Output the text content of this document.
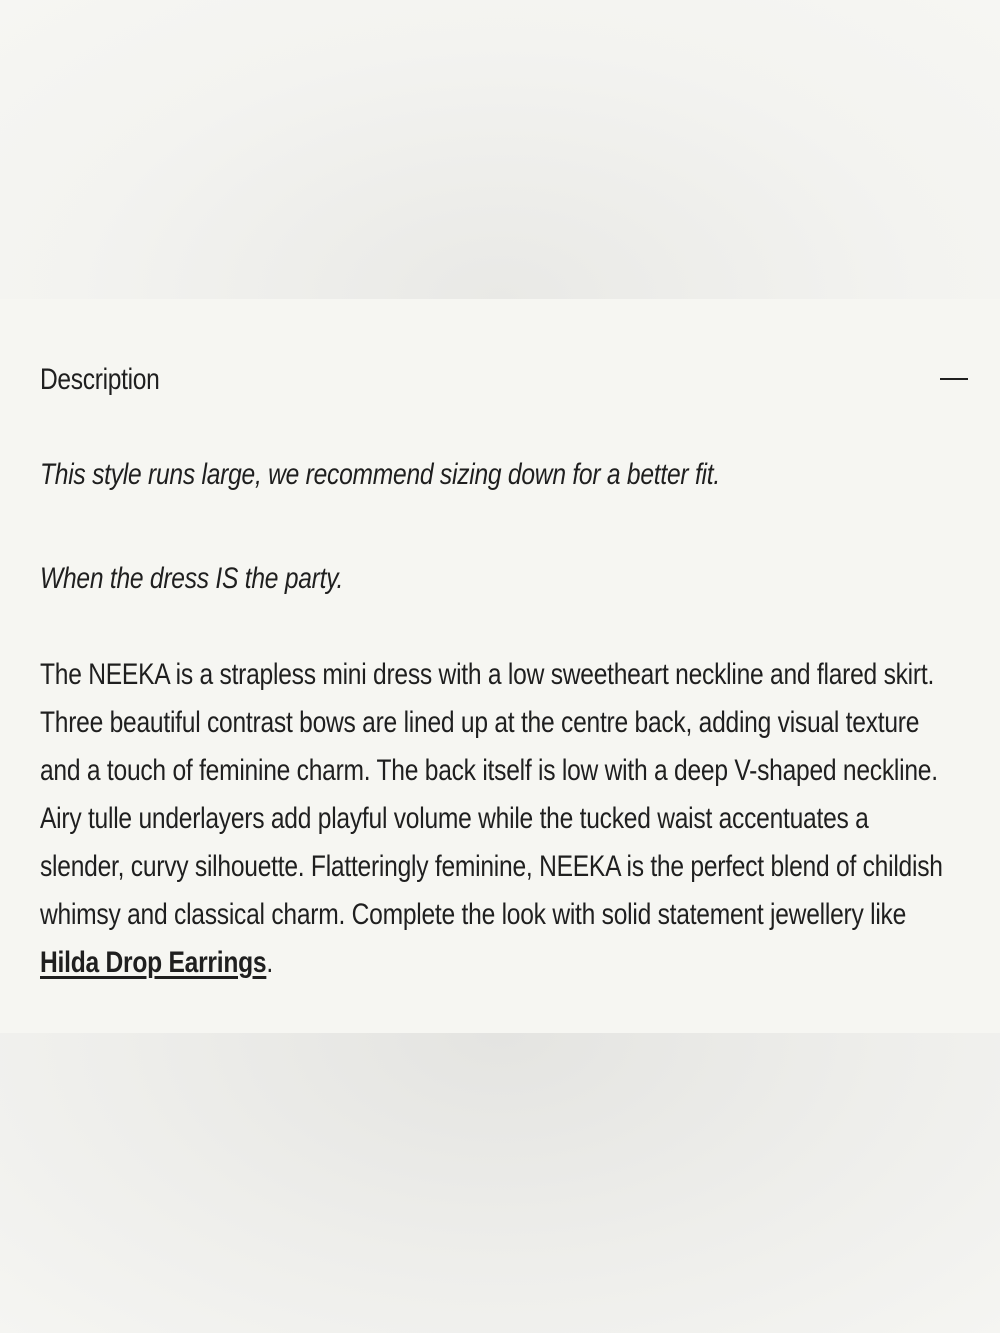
Description

This style runs large, we recommend sizing down for a better fit.

When the dress IS the party.

The NEEKA is a strapless mini dress with a low sweetheart neckline and flared skirt. Three beautiful contrast bows are lined up at the centre back, adding visual texture and a touch of feminine charm. The back itself is low with a deep V-shaped neckline. Airy tulle underlayers add playful volume while the tucked waist accentuates a slender, curvy silhouette. Flatteringly feminine, NEEKA is the perfect blend of childish whimsy and classical charm. Complete the look with solid statement jewellery like Hilda Drop Earrings.
